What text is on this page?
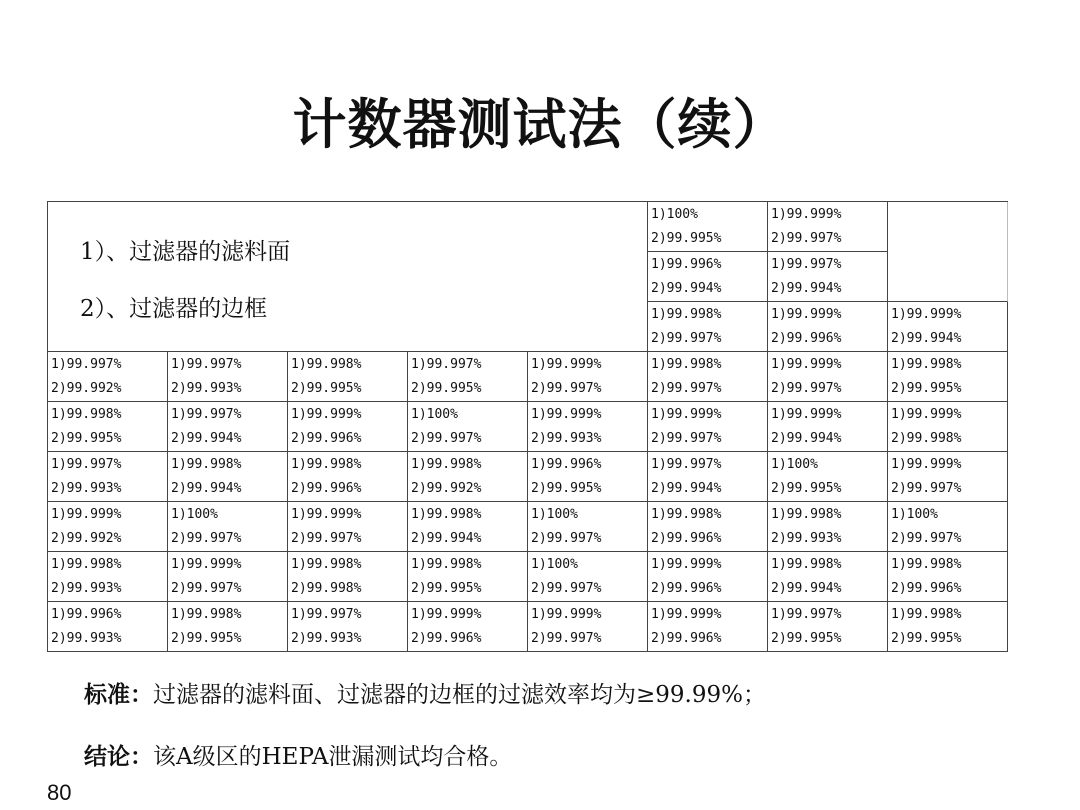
计数器测试法（续）
1）、过滤器的滤料面
2）、过滤器的边框
1)100%
2)99.995%
1)99.999%
2)99.997%
1)99.996%
2)99.994%
1)99.997%
2)99.994%
1)99.998%
2)99.997%
1)99.999%
2)99.996%
1)99.999%
2)99.994%
1)99.997%
2)99.992%
1)99.997%
2)99.993%
1)99.998%
2)99.995%
1)99.997%
2)99.995%
1)99.999%
2)99.997%
1)99.998%
2)99.997%
1)99.999%
2)99.997%
1)99.998%
2)99.995%
1)99.998%
2)99.995%
1)99.997%
2)99.994%
1)99.999%
2)99.996%
1)100%
2)99.997%
1)99.999%
2)99.993%
1)99.999%
2)99.997%
1)99.999%
2)99.994%
1)99.999%
2)99.998%
1)99.997%
2)99.993%
1)99.998%
2)99.994%
1)99.998%
2)99.996%
1)99.998%
2)99.992%
1)99.996%
2)99.995%
1)99.997%
2)99.994%
1)100%
2)99.995%
1)99.999%
2)99.997%
1)99.999%
2)99.992%
1)100%
2)99.997%
1)99.999%
2)99.997%
1)99.998%
2)99.994%
1)100%
2)99.997%
1)99.998%
2)99.996%
1)99.998%
2)99.993%
1)100%
2)99.997%
1)99.998%
2)99.993%
1)99.999%
2)99.997%
1)99.998%
2)99.998%
1)99.998%
2)99.995%
1)100%
2)99.997%
1)99.999%
2)99.996%
1)99.998%
2)99.994%
1)99.998%
2)99.996%
1)99.996%
2)99.993%
1)99.998%
2)99.995%
1)99.997%
2)99.993%
1)99.999%
2)99.996%
1)99.999%
2)99.997%
1)99.999%
2)99.996%
1)99.997%
2)99.995%
1)99.998%
2)99.995%
标准：过滤器的滤料面、过滤器的边框的过滤效率均为≥99.99%；
结论：该A级区的HEPA泄漏测试均合格。
80
